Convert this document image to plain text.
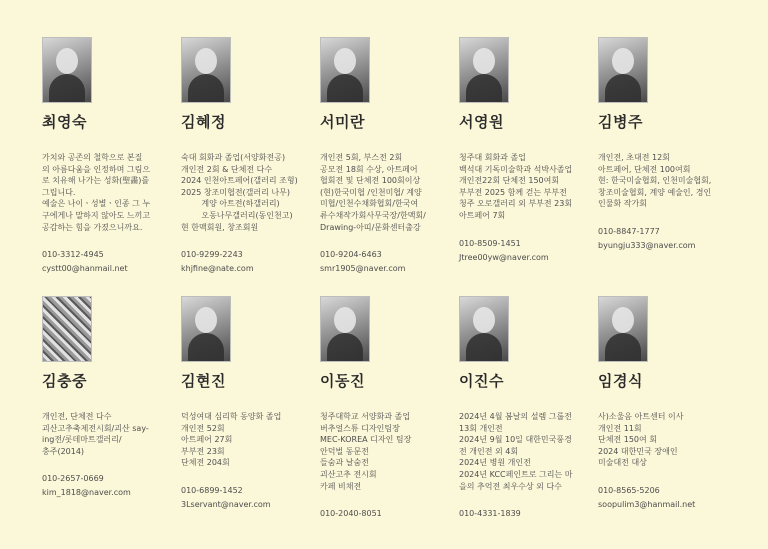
최영숙
가치와 공존의 철학으로 본질
의 아름다움을 인정하며 그림으
로 치유해 나가는 성화(聖畵)를
그립니다.
예술은 나이ㆍ성별ㆍ인종 그 누
구에게나 말하지 않아도 느끼고
공감하는 힘을 가졌으니까요.
010-3312-4945
cystt00@hanmail.net
김혜정
숙대 회화과 졸업(서양화전공)
개인전 2회 & 단체전 다수
2024 인천아트페어(갤러리 조형)
2025 창조미협전(갤러리 나무)
계양 아트전(하갤러리)
오동나무갤러리(동인천고)
현 한맥회원, 창조회원
010-9299-2243
khjfine@nate.com
서미란
개인전 5회, 부스전 2회
공모전 18회 수상, 아트페어
협회전 및 단체전 100회이상
(현)한국미협 /인천미협/ 계양
미협/인천수채화협회/한국여
류수채작가회사무국장/한맥회/
Drawing-아띠/문화센터출강
010-9204-6463
smr1905@naver.com
서영원
청주대 회화과 졸업
백석대 기독미술학과 석박사졸업
개인전22회 단체전 150여회
부부전 2025 함께 걷는 부부전
청주 오로갤러리 외 부부전 23회
아트페어 7회
010-8509-1451
Jtree00yw@naver.com
김병주
개인전, 초대전 12회
아트페어, 단체전 100여회
현: 한국미술협회, 인천미술협회,
창조미술협회, 계양 예술인, 경인
인물화 작가회
010-8847-1777
byungju333@naver.com
김충중
개인전, 단체전 다수
괴산고추축제전시회/괴산 say-
ing전/롯데마트갤러리/
충주(2014)
010-2657-0669
kim_1818@naver.com
김현진
덕성여대 심리학 동양화 졸업
개인전 52회
아트페어 27회
부부전 23회
단체전 204회
010-6899-1452
3Lservant@naver.com
이동진
청주대학교 서양화과 졸업
버추얼스튜 디자인팀장
MEC-KOREA 디자인 팀장
안덕벌 동문전
들숨과 날숨전
괴산고추 전시회
카페 비채전
010-2040-8051
이진수
2024년 4월 봄날의 설렘 그룹전
13회 개인전
2024년 9월 10일 대한민국풍경
전 개인전 외 4회
2024년 병원 개인전
2024년 KCC페인트로 그리는 마
을의 추억전 최우수상 외 다수
010-4331-1839
임경식
사)소울음 아트센터 이사
개인전 11회
단체전 150여 회
2024 대한민국 장애인
미술대전 대상
010-8565-5206
soopulim3@hanmail.net
